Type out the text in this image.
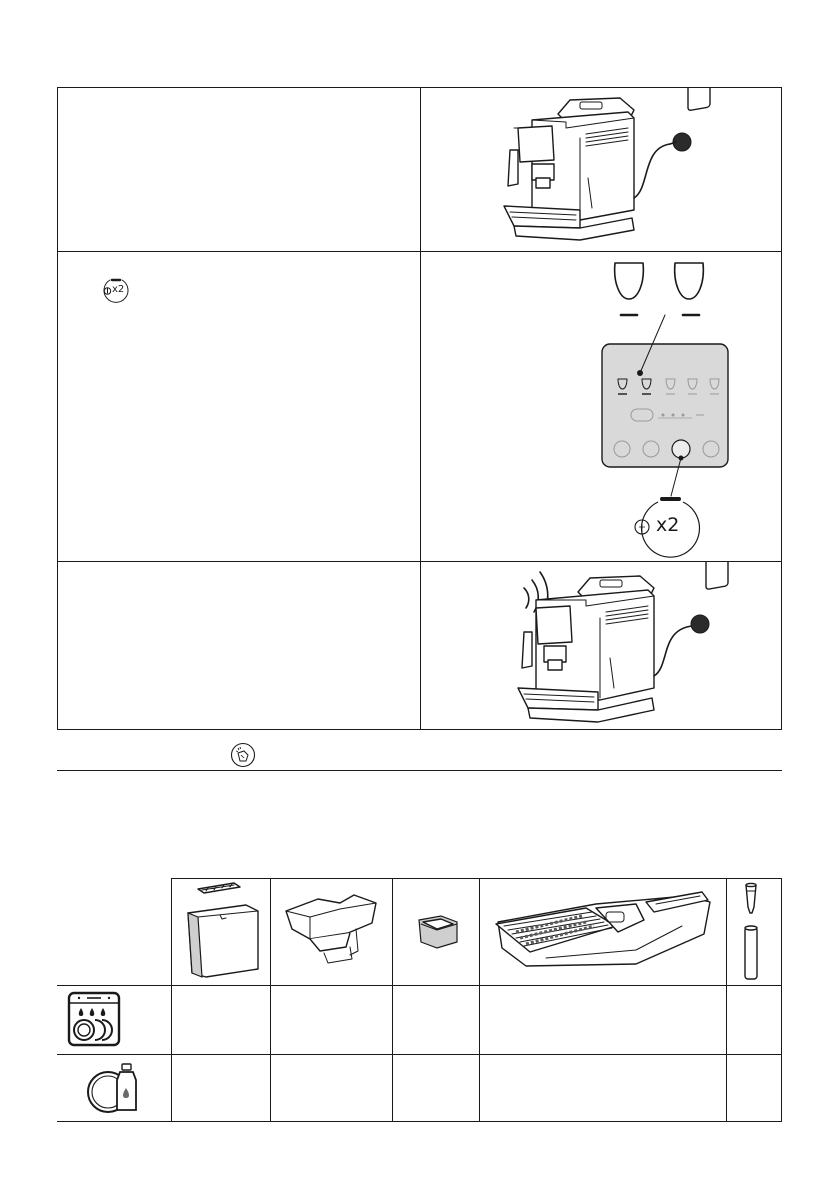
x2
x2
